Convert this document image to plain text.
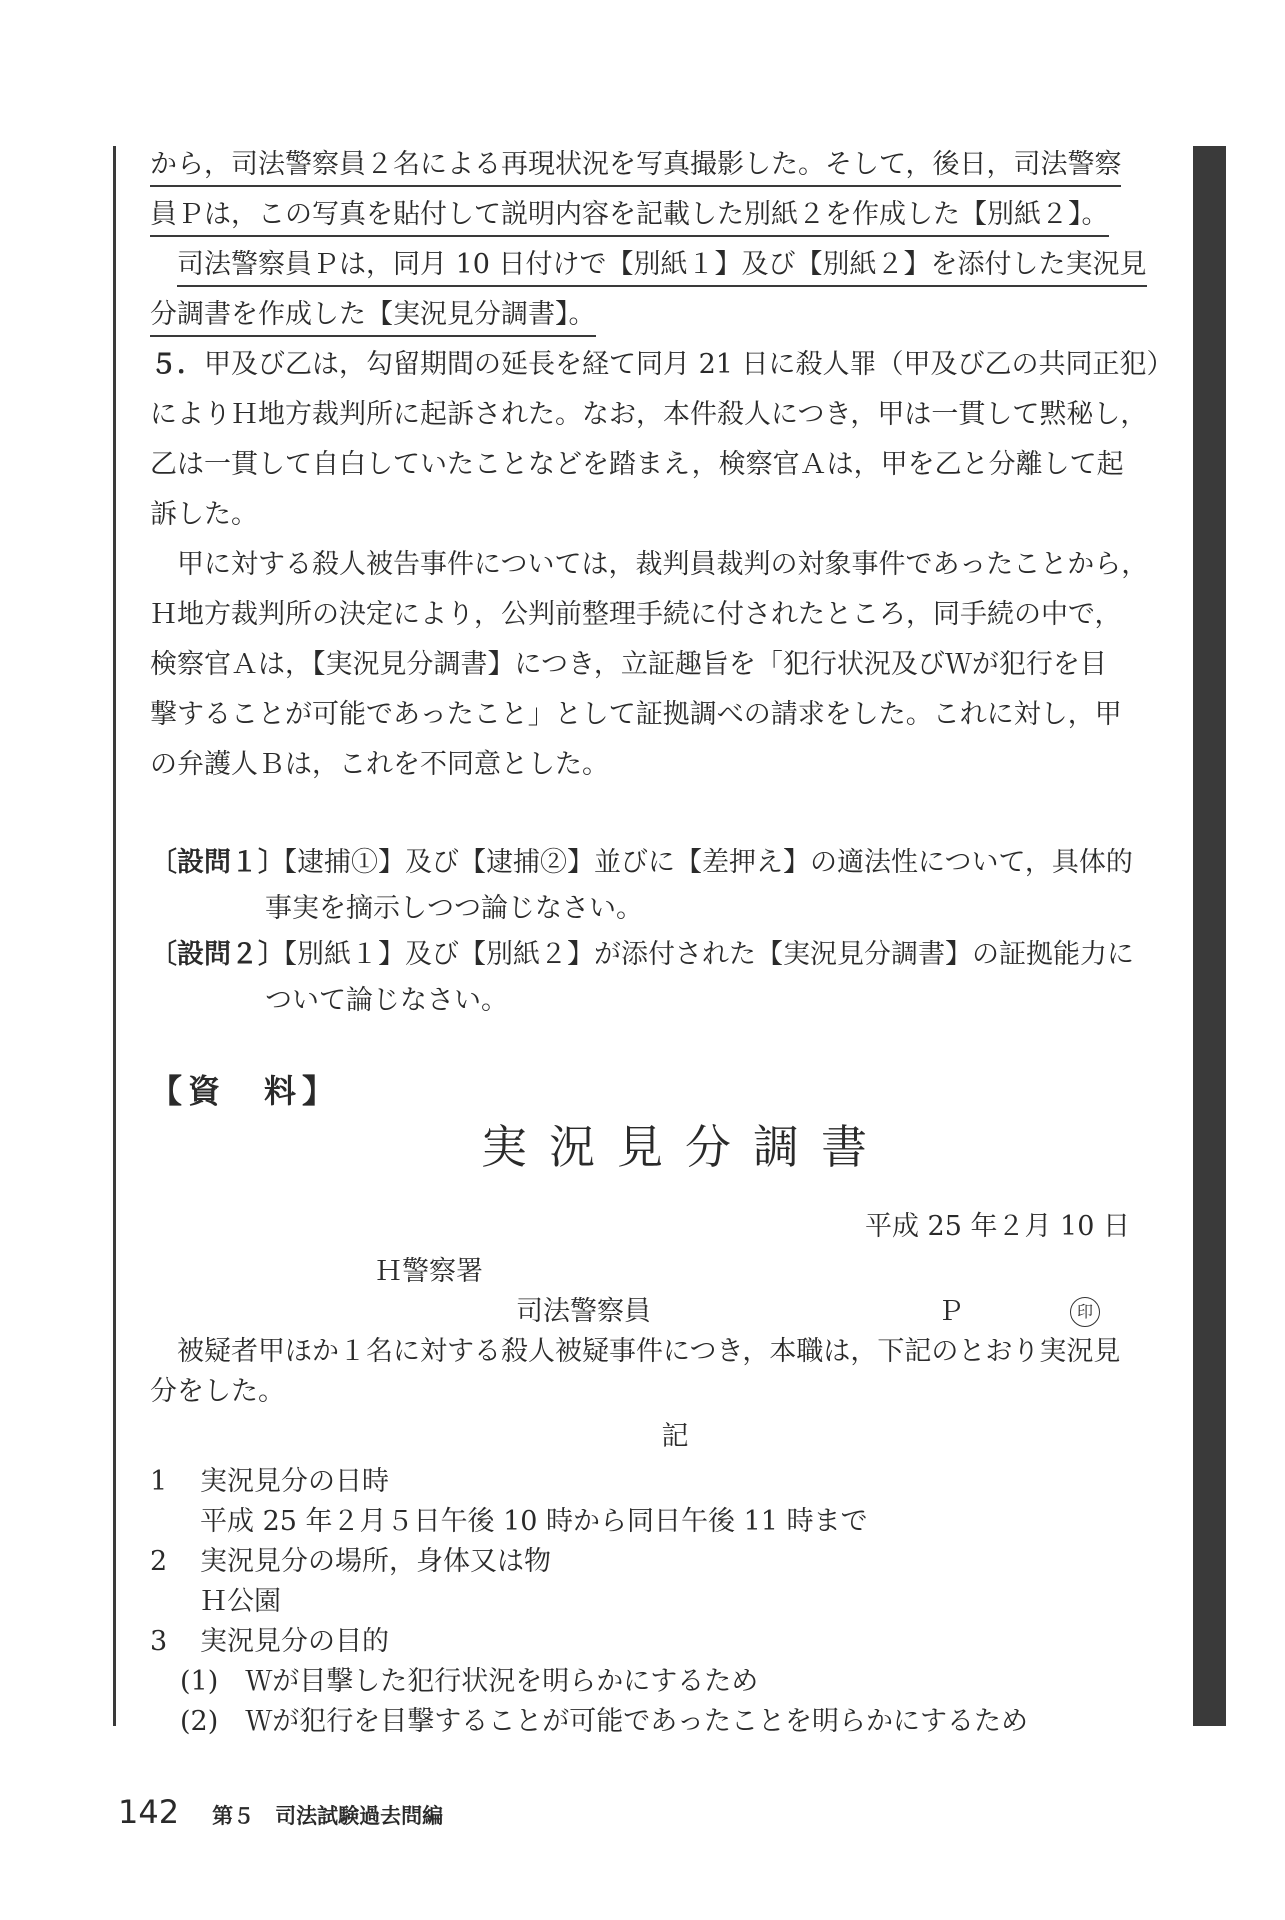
から，司法警察員２名による再現状況を写真撮影した。そして，後日，司法警察
員Ｐは，この写真を貼付して説明内容を記載した別紙２を作成した【別紙２】。
司法警察員Ｐは，同月 10 日付けで【別紙１】及び【別紙２】を添付した実況見
分調書を作成した【実況見分調書】。
５．甲及び乙は，勾留期間の延長を経て同月 21 日に殺人罪（甲及び乙の共同正犯）
によりＨ地方裁判所に起訴された。なお，本件殺人につき，甲は一貫して黙秘し，
乙は一貫して自白していたことなどを踏まえ，検察官Ａは，甲を乙と分離して起
訴した。
甲に対する殺人被告事件については，裁判員裁判の対象事件であったことから，
Ｈ地方裁判所の決定により，公判前整理手続に付されたところ，同手続の中で，
検察官Ａは，【実況見分調書】につき，立証趣旨を「犯行状況及びＷが犯行を目
撃することが可能であったこと」として証拠調べの請求をした。これに対し，甲
の弁護人Ｂは，これを不同意とした。
〔設問１〕【逮捕①】及び【逮捕②】並びに【差押え】の適法性について，具体的
事実を摘示しつつ論じなさい。
〔設問２〕【別紙１】及び【別紙２】が添付された【実況見分調書】の証拠能力に
ついて論じなさい。
【資　料】
実況見分調書
平成 25 年２月 10 日
Ｈ警察署
司法警察員	Ｐ	印
被疑者甲ほか１名に対する殺人被疑事件につき，本職は，下記のとおり実況見
分をした。
記
1 実況見分の日時
平成 25 年２月５日午後 10 時から同日午後 11 時まで
2 実況見分の場所，身体又は物
Ｈ公園
3 実況見分の目的
(1)　Ｗが目撃した犯行状況を明らかにするため
(2)　Ｗが犯行を目撃することが可能であったことを明らかにするため
142 第５　司法試験過去問編
